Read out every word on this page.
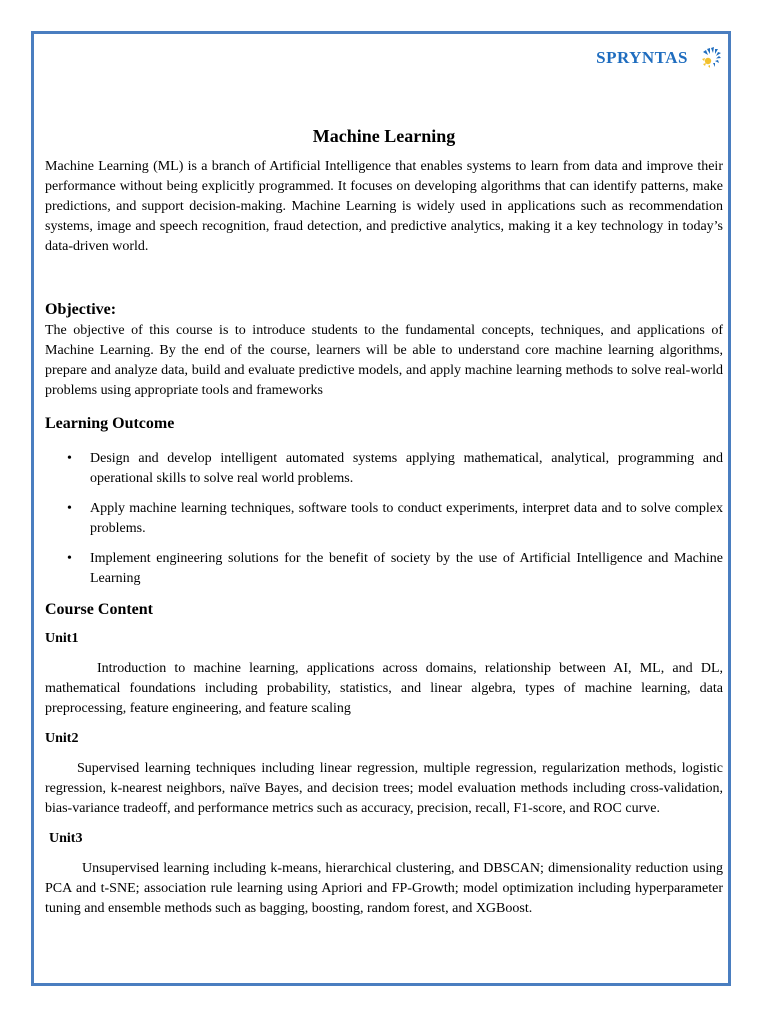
SPRYNTAS
Machine Learning

Machine Learning (ML) is a branch of Artificial Intelligence that enables systems to learn from data and improve their performance without being explicitly programmed. It focuses on developing algorithms that can identify patterns, make predictions, and support decision-making. Machine Learning is widely used in applications such as recommendation systems, image and speech recognition, fraud detection, and predictive analytics, making it a key technology in today’s data-driven world.

Objective:

The objective of this course is to introduce students to the fundamental concepts, techniques, and applications of Machine Learning. By the end of the course, learners will be able to understand core machine learning algorithms, prepare and analyze data, build and evaluate predictive models, and apply machine learning methods to solve real-world problems using appropriate tools and frameworks

Learning Outcome
• Design and develop intelligent automated systems applying mathematical, analytical, programming and operational skills to solve real world problems.

• Apply machine learning techniques, software tools to conduct experiments, interpret data and to solve complex problems.

• Implement engineering solutions for the benefit of society by the use of Artificial Intelligence and Machine Learning

Course Content
Unit1

Introduction to machine learning, applications across domains, relationship between AI, ML, and DL, mathematical foundations including probability, statistics, and linear algebra, types of machine learning, data preprocessing, feature engineering, and feature scaling

Unit2

Supervised learning techniques including linear regression, multiple regression, regularization methods, logistic regression, k-nearest neighbors, naïve Bayes, and decision trees; model evaluation methods including cross-validation, bias-variance tradeoff, and performance metrics such as accuracy, precision, recall, F1-score, and ROC curve.

Unit3

Unsupervised learning including k-means, hierarchical clustering, and DBSCAN; dimensionality reduction using PCA and t-SNE; association rule learning using Apriori and FP-Growth; model optimization including hyperparameter tuning and ensemble methods such as bagging, boosting, random forest, and XGBoost.
